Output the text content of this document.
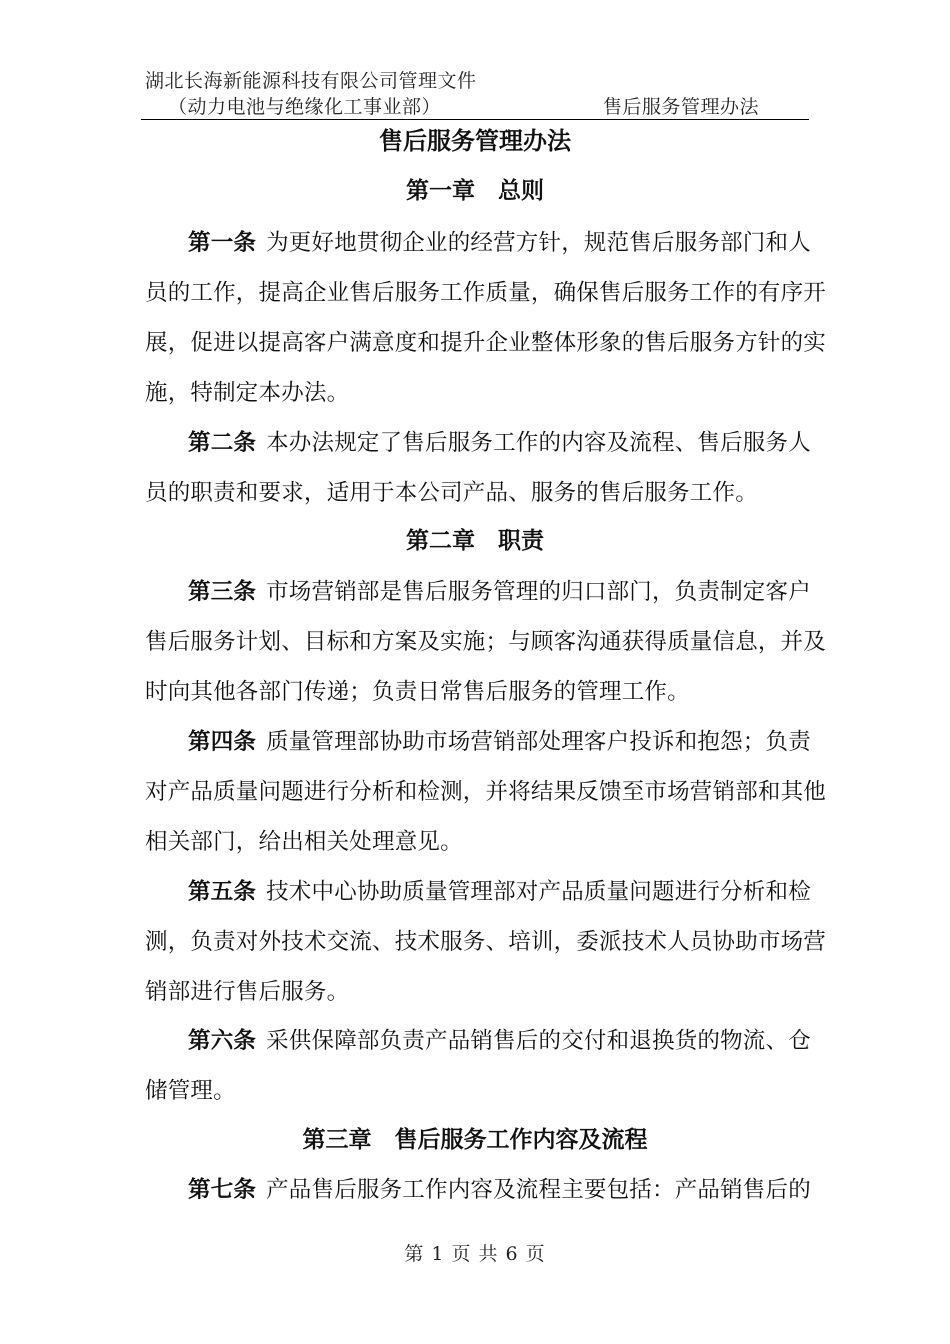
湖北长海新能源科技有限公司管理文件
（动力电池与绝缘化工事业部）	售后服务管理办法
售后服务管理办法
第一章　总则
第一条 为更好地贯彻企业的经营方针，规范售后服务部门和人
员的工作，提高企业售后服务工作质量，确保售后服务工作的有序开
展，促进以提高客户满意度和提升企业整体形象的售后服务方针的实
施，特制定本办法。
第二条 本办法规定了售后服务工作的内容及流程、售后服务人
员的职责和要求，适用于本公司产品、服务的售后服务工作。
第二章　职责
第三条 市场营销部是售后服务管理的归口部门，负责制定客户
售后服务计划、目标和方案及实施；与顾客沟通获得质量信息，并及
时向其他各部门传递；负责日常售后服务的管理工作。
第四条 质量管理部协助市场营销部处理客户投诉和抱怨；负责
对产品质量问题进行分析和检测，并将结果反馈至市场营销部和其他
相关部门，给出相关处理意见。
第五条 技术中心协助质量管理部对产品质量问题进行分析和检
测，负责对外技术交流、技术服务、培训，委派技术人员协助市场营
销部进行售后服务。
第六条 采供保障部负责产品销售后的交付和退换货的物流、仓
储管理。
第三章　售后服务工作内容及流程
第七条 产品售后服务工作内容及流程主要包括：产品销售后的
第 1 页 共 6 页
